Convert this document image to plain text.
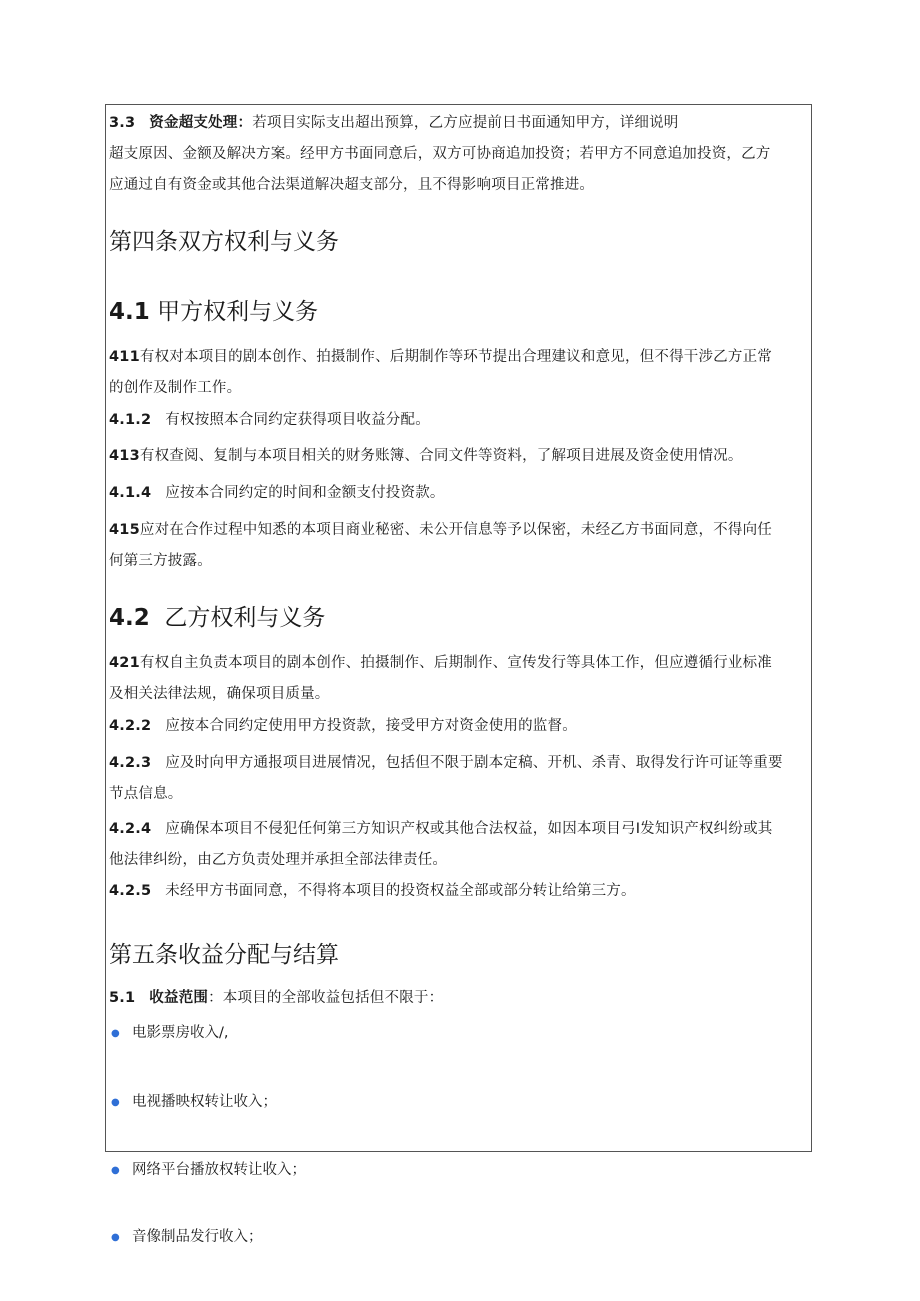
3.3 资金超支处理：若项目实际支出超出预算，乙方应提前日书面通知甲方，详细说明
超支原因、金额及解决方案。经甲方书面同意后，双方可协商追加投资；若甲方不同意追加投资，乙方
应通过自有资金或其他合法渠道解决超支部分，且不得影响项目正常推进。
第四条双方权利与义务
4.1 甲方权利与义务
411有权对本项目的剧本创作、拍摄制作、后期制作等环节提出合理建议和意见，但不得干涉乙方正常
的创作及制作工作。
4.1.2 有权按照本合同约定获得项目收益分配。
413有权查阅、复制与本项目相关的财务账簿、合同文件等资料，了解项目进展及资金使用情况。
4.1.4 应按本合同约定的时间和金额支付投资款。
415应对在合作过程中知悉的本项目商业秘密、未公开信息等予以保密，未经乙方书面同意，不得向任
何第三方披露。
4.2 乙方权利与义务
421有权自主负责本项目的剧本创作、拍摄制作、后期制作、宣传发行等具体工作，但应遵循行业标准
及相关法律法规，确保项目质量。
4.2.2 应按本合同约定使用甲方投资款，接受甲方对资金使用的监督。
4.2.3 应及时向甲方通报项目进展情况，包括但不限于剧本定稿、开机、杀青、取得发行许可证等重要
节点信息。
4.2.4 应确保本项目不侵犯任何第三方知识产权或其他合法权益，如因本项目弓I发知识产权纠纷或其
他法律纠纷，由乙方负责处理并承担全部法律责任。
4.2.5 未经甲方书面同意，不得将本项目的投资权益全部或部分转让给第三方。
第五条收益分配与结算
5.1 收益范围：本项目的全部收益包括但不限于：
● 电影票房收入/,
● 电视播映权转让收入；
● 网络平台播放权转让收入；
● 音像制品发行收入；
